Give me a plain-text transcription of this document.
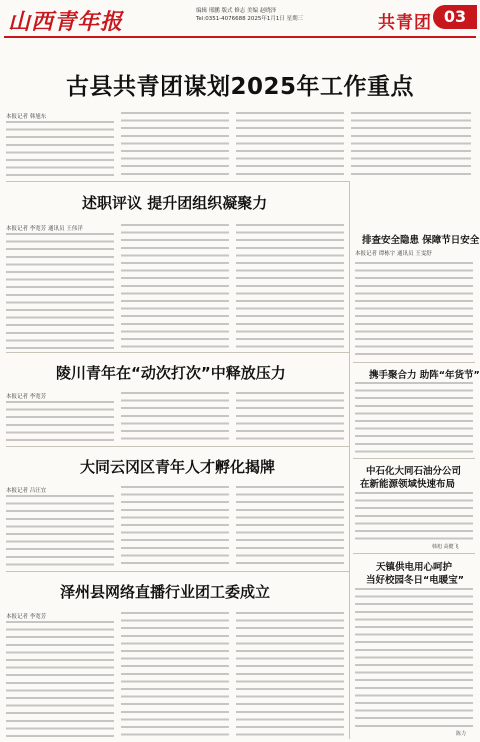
山西青年报	编辑 邢鹏 版式 修志 美编 赵晓泽
Tel:0351-4076688 2025年1月1日 星期三	共青团 03
古县共青团谋划2025年工作重点
本报记者 韩旭东
述职评议 提升团组织凝聚力
本报记者 李宽芳 通讯员 王伟洋
陵川青年在“动次打次”中释放压力
本报记者 李宽芳
大同云冈区青年人才孵化揭牌
本报记者 吕汪宜
泽州县网络直播行业团工委成立
本报记者 李宽芳
排查安全隐患 保障节日安全
本报记者 谭栋宇 通讯员 王雯舒
携手聚合力 助阵“年货节”
中石化大同石油分公司
在新能源领域快速布局
韩旭 高健飞
天镇供电用心呵护
当好校园冬日“电暖宝”
陈力
